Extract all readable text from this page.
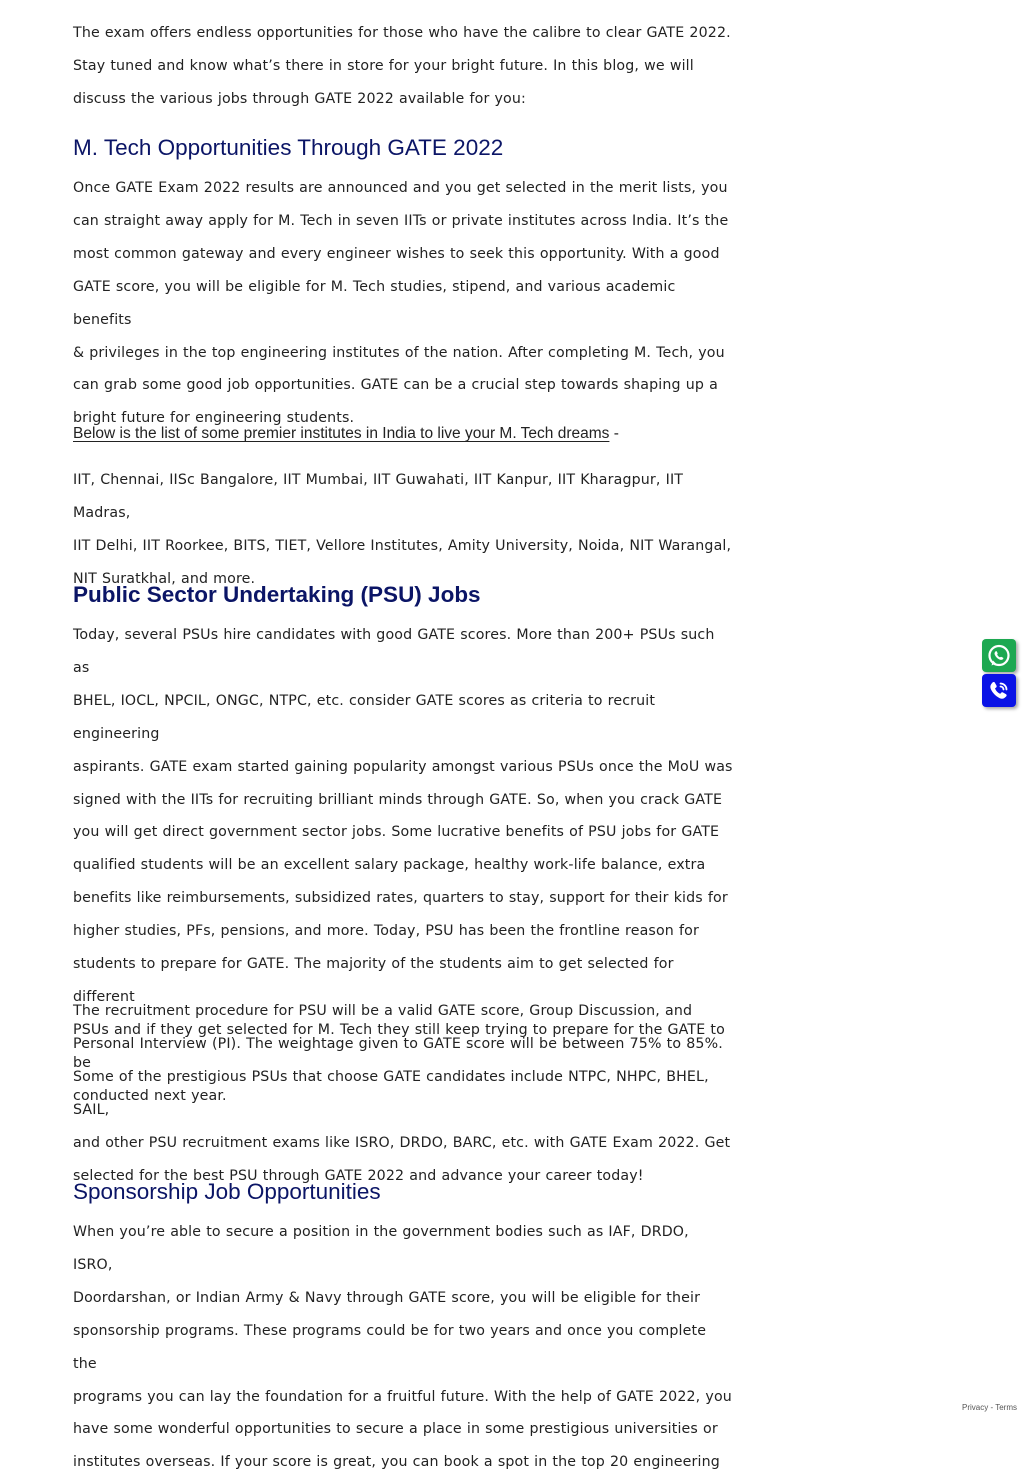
The exam offers endless opportunities for those who have the calibre to clear GATE 2022.
Stay tuned and know what’s there in store for your bright future. In this blog, we will
discuss the various jobs through GATE 2022 available for you:

M. Tech Opportunities Through GATE 2022

Once GATE Exam 2022 results are announced and you get selected in the merit lists, you
can straight away apply for M. Tech in seven IITs or private institutes across India. It’s the
most common gateway and every engineer wishes to seek this opportunity. With a good
GATE score, you will be eligible for M. Tech studies, stipend, and various academic benefits
& privileges in the top engineering institutes of the nation. After completing M. Tech, you
can grab some good job opportunities. GATE can be a crucial step towards shaping up a
bright future for engineering students.

Below is the list of some premier institutes in India to live your M. Tech dreams -

IIT, Chennai, IISc Bangalore, IIT Mumbai, IIT Guwahati, IIT Kanpur, IIT Kharagpur, IIT Madras,
IIT Delhi, IIT Roorkee, BITS, TIET, Vellore Institutes, Amity University, Noida, NIT Warangal,
NIT Suratkhal, and more.

Public Sector Undertaking (PSU) Jobs

Today, several PSUs hire candidates with good GATE scores. More than 200+ PSUs such as
BHEL, IOCL, NPCIL, ONGC, NTPC, etc. consider GATE scores as criteria to recruit engineering
aspirants. GATE exam started gaining popularity amongst various PSUs once the MoU was
signed with the IITs for recruiting brilliant minds through GATE. So, when you crack GATE
you will get direct government sector jobs. Some lucrative benefits of PSU jobs for GATE
qualified students will be an excellent salary package, healthy work-life balance, extra
benefits like reimbursements, subsidized rates, quarters to stay, support for their kids for
higher studies, PFs, pensions, and more. Today, PSU has been the frontline reason for
students to prepare for GATE. The majority of the students aim to get selected for different
PSUs and if they get selected for M. Tech they still keep trying to prepare for the GATE to be
conducted next year.

The recruitment procedure for PSU will be a valid GATE score, Group Discussion, and
Personal Interview (PI). The weightage given to GATE score will be between 75% to 85%.
Some of the prestigious PSUs that choose GATE candidates include NTPC, NHPC, BHEL, SAIL,
and other PSU recruitment exams like ISRO, DRDO, BARC, etc. with GATE Exam 2022. Get
selected for the best PSU through GATE 2022 and advance your career today!

Sponsorship Job Opportunities

When you’re able to secure a position in the government bodies such as IAF, DRDO, ISRO,
Doordarshan, or Indian Army & Navy through GATE score, you will be eligible for their
sponsorship programs. These programs could be for two years and once you complete the
programs you can lay the foundation for a fruitful future. With the help of GATE 2022, you
have some wonderful opportunities to secure a place in some prestigious universities or
institutes overseas. If your score is great, you can book a spot in the top 20 engineering

Privacy - Terms
